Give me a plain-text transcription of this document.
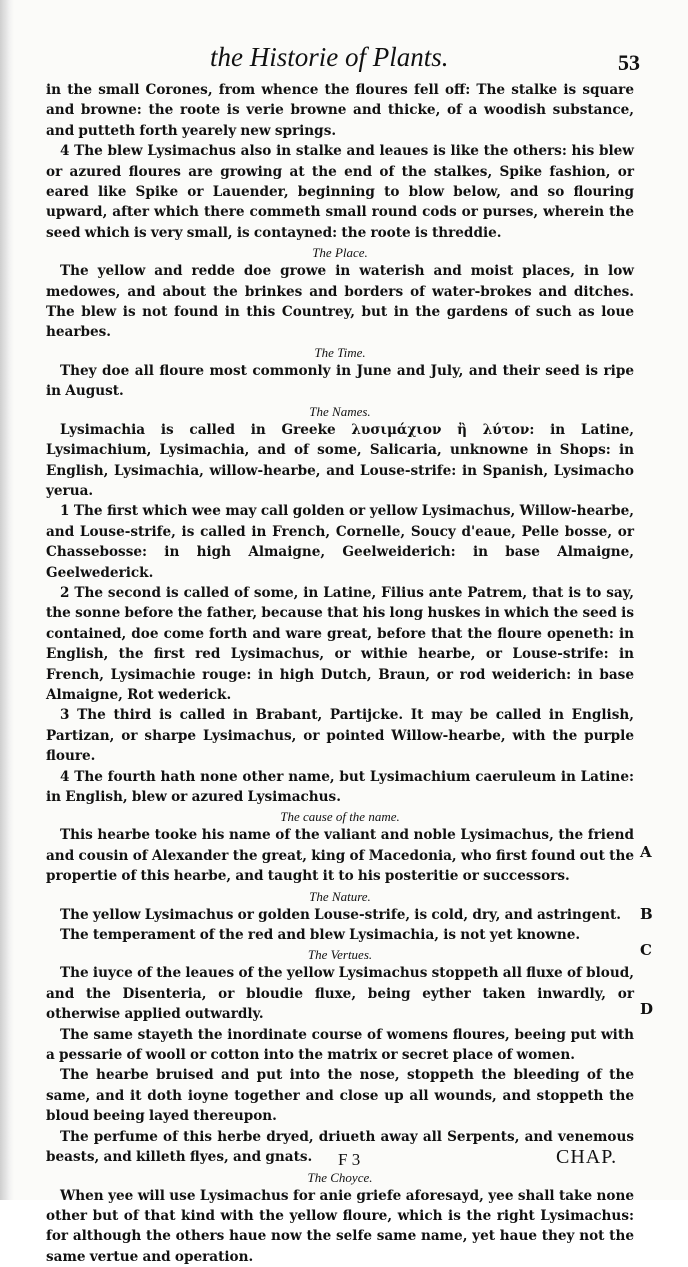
the Historie of Plants.	53

in the small Corones, from whence the floures fell off: The stalke is square and browne: the roote is verie browne and thicke, of a woodish substance, and putteth forth yearely new springs.

4 The blew Lysimachus also in stalke and leaues is like the others: his blew or azured floures are growing at the end of the stalkes, Spike fashion, or eared like Spike or Lauender, beginning to blow below, and so flouring upward, after which there commeth small round cods or purses, wherein the seed which is very small, is contayned: the roote is threddie.

The Place.

The yellow and redde doe growe in waterish and moist places, in low medowes, and about the brinkes and borders of water-brokes and ditches. The blew is not found in this Countrey, but in the gardens of such as loue hearbes.

The Time.

They doe all floure most commonly in June and July, and their seed is ripe in August.

The Names.

Lysimachia is called in Greeke λυσιμάχιον ἢ λύτον: in Latine, Lysimachium, Lysimachia, and of some, Salicaria, unknowne in Shops: in English, Lysimachia, willow-hearbe, and Louse-strife: in Spanish, Lysimacho yerua.

1 The first which wee may call golden or yellow Lysimachus, Willow-hearbe, and Louse-strife, is called in French, Cornelle, Soucy d'eaue, Pelle bosse, or Chassebosse: in high Almaigne, Geelweiderich: in base Almaigne, Geelwederick.

2 The second is called of some, in Latine, Filius ante Patrem, that is to say, the sonne before the father, because that his long huskes in which the seed is contained, doe come forth and ware great, before that the floure openeth: in English, the first red Lysimachus, or withie hearbe, or Louse-strife: in French, Lysimachie rouge: in high Dutch, Braun, or rod weiderich: in base Almaigne, Rot wederick.

3 The third is called in Brabant, Partijcke. It may be called in English, Partizan, or sharpe Lysimachus, or pointed Willow-hearbe, with the purple floure.

4 The fourth hath none other name, but Lysimachium caeruleum in Latine: in English, blew or azured Lysimachus.

The cause of the name.

This hearbe tooke his name of the valiant and noble Lysimachus, the friend and cousin of Alexander the great, king of Macedonia, who first found out the propertie of this hearbe, and taught it to his posteritie or successors.

The Nature.

The yellow Lysimachus or golden Louse-strife, is cold, dry, and astringent.

The temperament of the red and blew Lysimachia, is not yet knowne.

The Vertues.

The iuyce of the leaues of the yellow Lysimachus stoppeth all fluxe of bloud, and the Disenteria, or bloudie fluxe, being eyther taken inwardly, or otherwise applied outwardly.

The same stayeth the inordinate course of womens floures, beeing put with a pessarie of wooll or cotton into the matrix or secret place of women.

The hearbe bruised and put into the nose, stoppeth the bleeding of the same, and it doth ioyne together and close up all wounds, and stoppeth the bloud beeing layed thereupon.

The perfume of this herbe dryed, driueth away all Serpents, and venemous beasts, and killeth flyes, and gnats.

The Choyce.

When yee will use Lysimachus for anie griefe aforesayd, yee shall take none other but of that kind with the yellow floure, which is the right Lysimachus: for although the others haue now the selfe same name, yet haue they not the same vertue and operation.

A
B
C
D
F 3	CHAP.
